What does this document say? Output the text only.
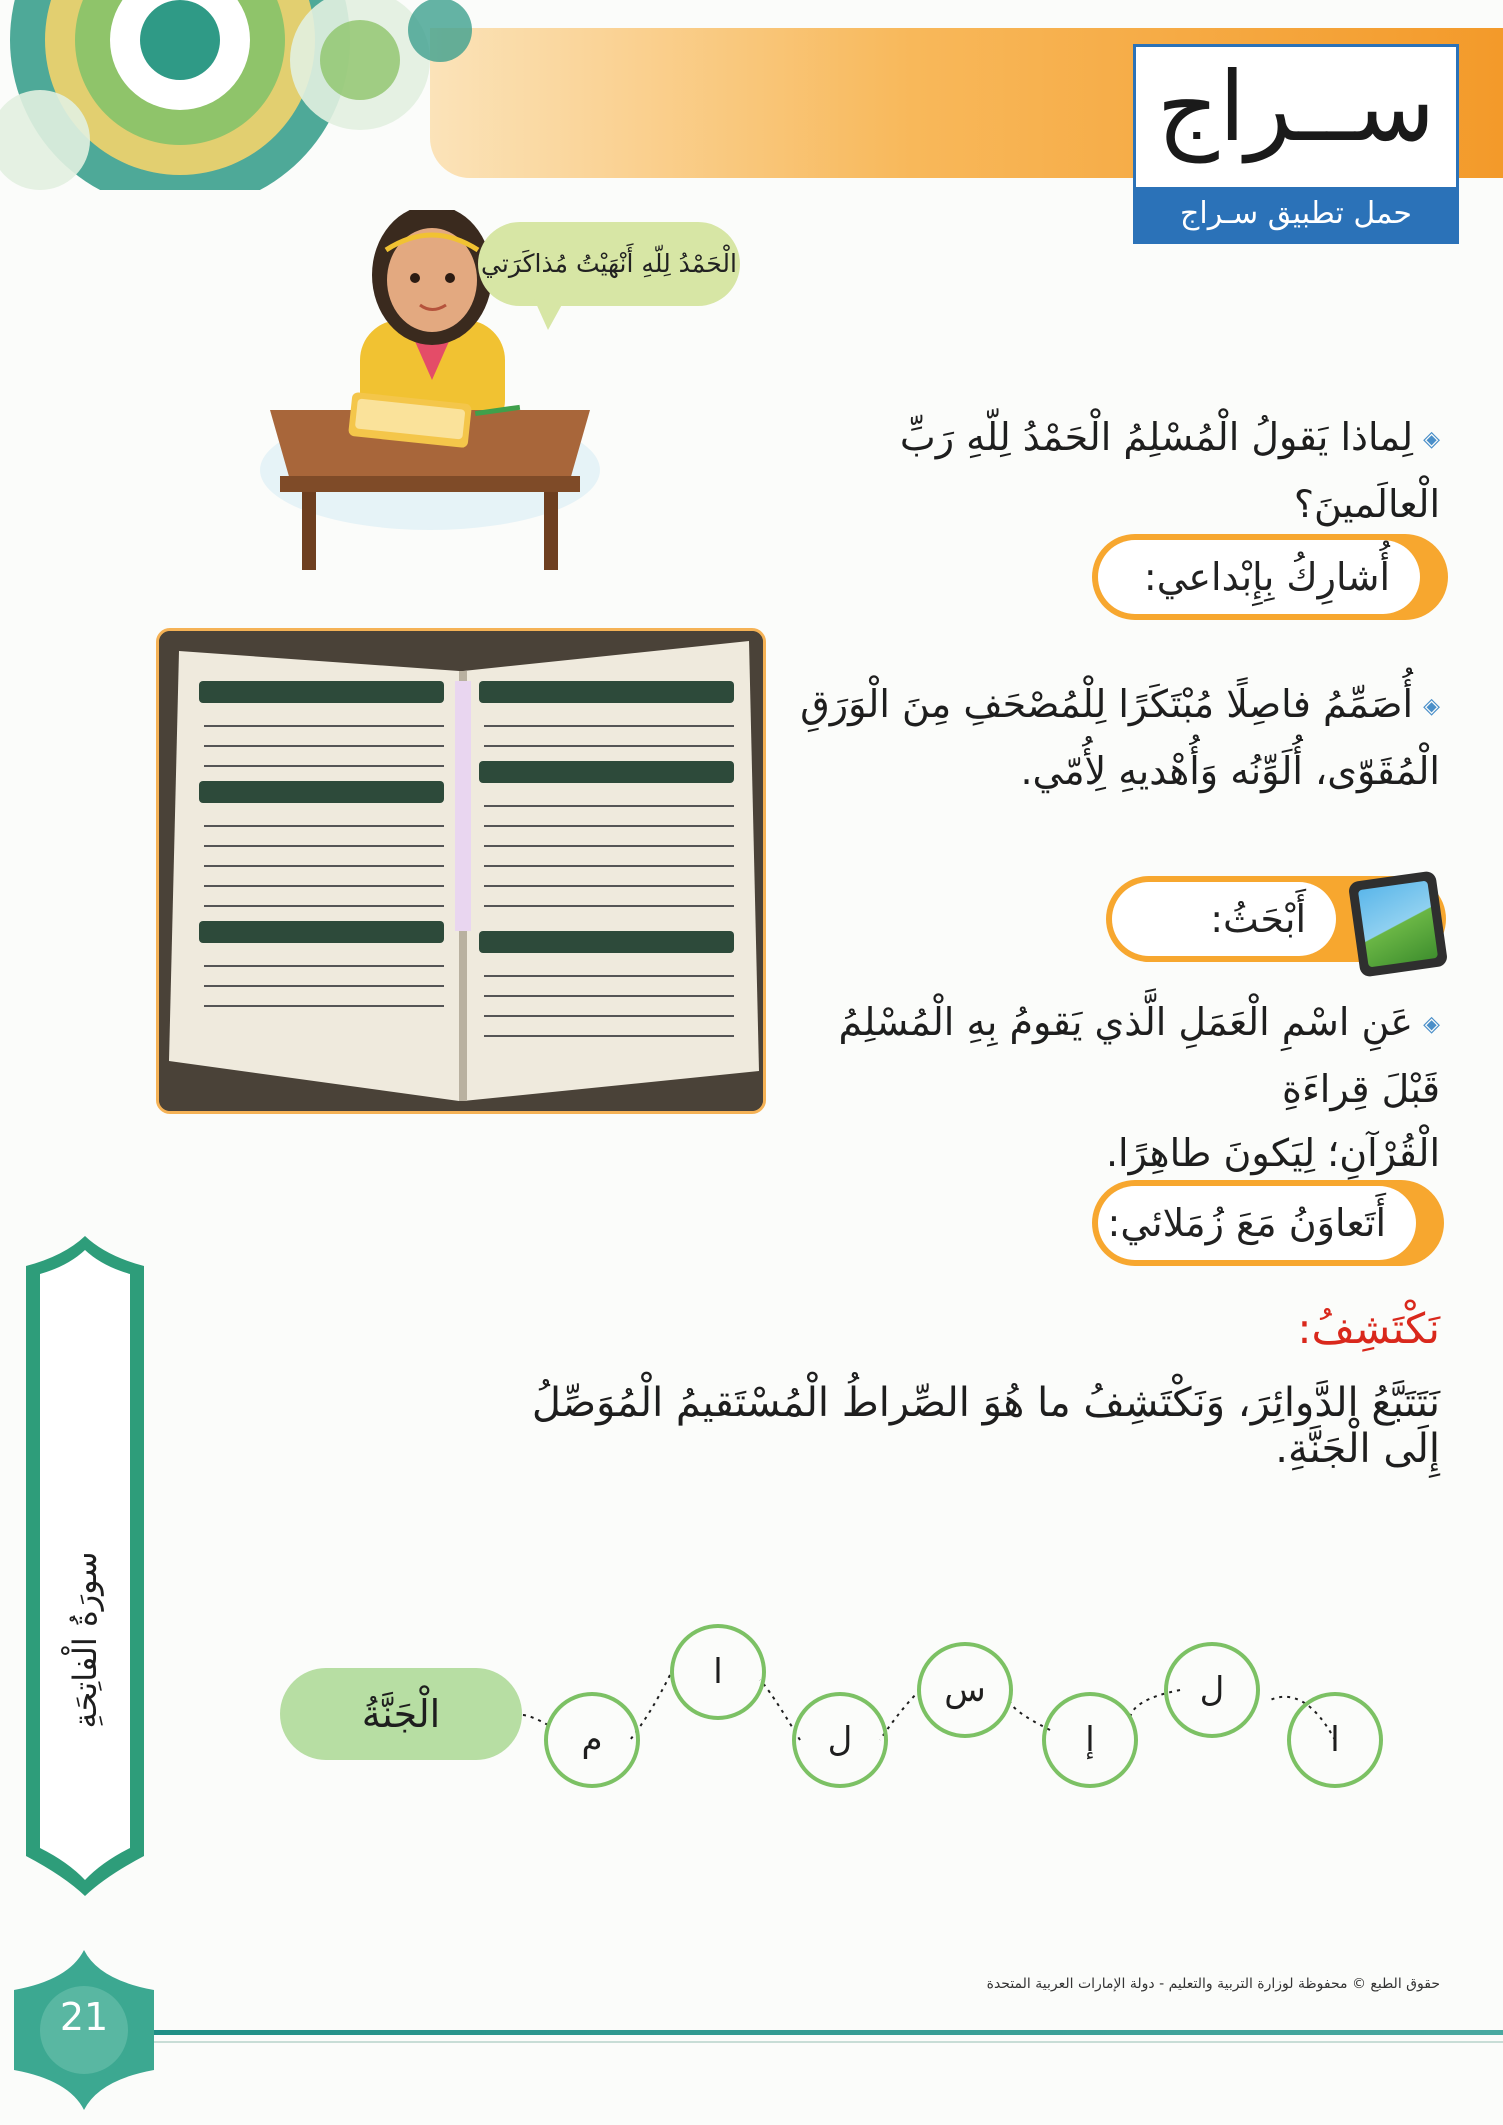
ســراج
حمل تطبيق سـراج
الْحَمْدُ لِلّهِ أَنْهَيْتُ مُذاكَرَتي
◈لِماذا يَقولُ الْمُسْلِمُ الْحَمْدُ لِلّهِ رَبِّ الْعالَمينَ؟
أُشارِكُ بِإِبْداعي:
◈أُصَمِّمُ فاصِلًا مُبْتَكَرًا لِلْمُصْحَفِ مِنَ الْوَرَقِ
الْمُقَوّى، أُلَوِّنُه وَأُهْديهِ لِأُمّي.
أَبْحَثُ:
◈عَنِ اسْمِ الْعَمَلِ الَّذي يَقومُ بِهِ الْمُسْلِمُ قَبْلَ قِراءَةِ
الْقُرْآنِ؛ لِيَكونَ طاهِرًا.
أَتَعاوَنُ مَعَ زُمَلائي:
نَكْتَشِفُ:
نَتَتَبَّعُ الدَّوائِرَ، وَنَكْتَشِفُ ما هُوَ الصِّراطُ الْمُسْتَقيمُ الْمُوَصِّلُ إِلَى الْجَنَّةِ.
ا
ل
إ
س
ل
ا
م
الْجَنَّةُ
سورَةُ الْفاتِحَةِ
حقوق الطبع © محفوظة لوزارة التربية والتعليم - دولة الإمارات العربية المتحدة
21
